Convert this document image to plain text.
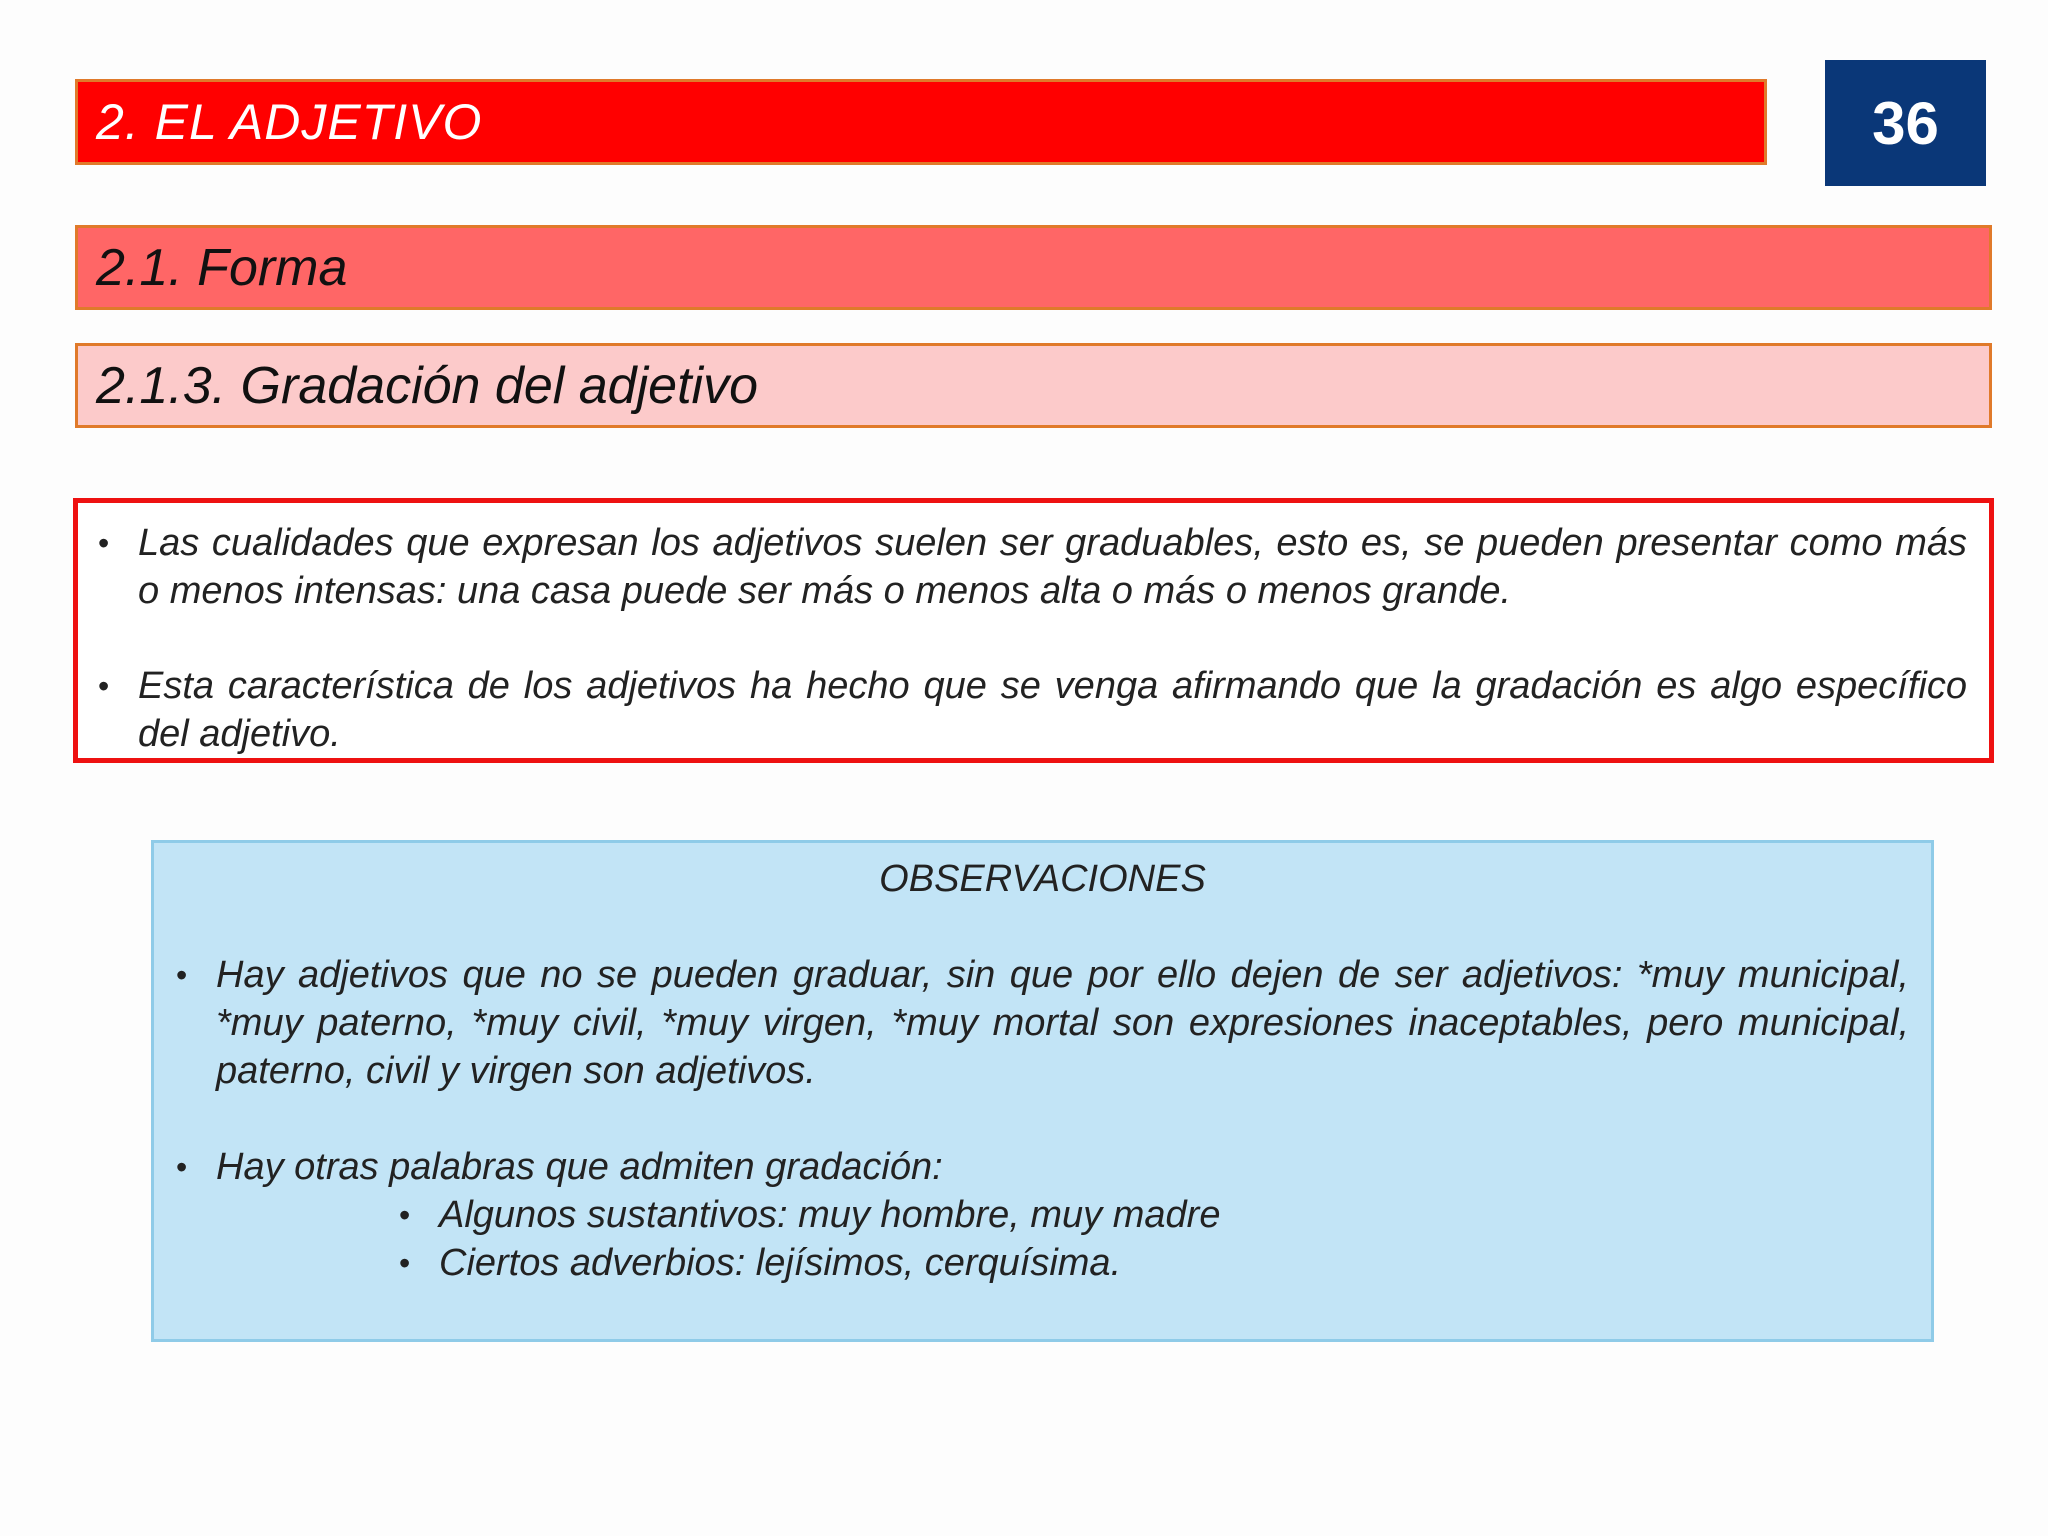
2. EL ADJETIVO	36
2.1. Forma
2.1.3. Gradación del adjetivo
• Las cualidades que expresan los adjetivos suelen ser graduables, esto es, se pueden presentar como más o menos intensas: una casa puede ser más o menos alta o más o menos grande.
• Esta característica de los adjetivos ha hecho que se venga afirmando que la gradación es algo específico del adjetivo.
OBSERVACIONES
• Hay adjetivos que no se pueden graduar, sin que por ello dejen de ser adjetivos: *muy municipal, *muy paterno, *muy civil, *muy virgen, *muy mortal son expresiones inaceptables, pero municipal, paterno, civil y virgen son adjetivos.
• Hay otras palabras que admiten gradación:
• Algunos sustantivos: muy hombre, muy madre
• Ciertos adverbios: lejísimos, cerquísima.
